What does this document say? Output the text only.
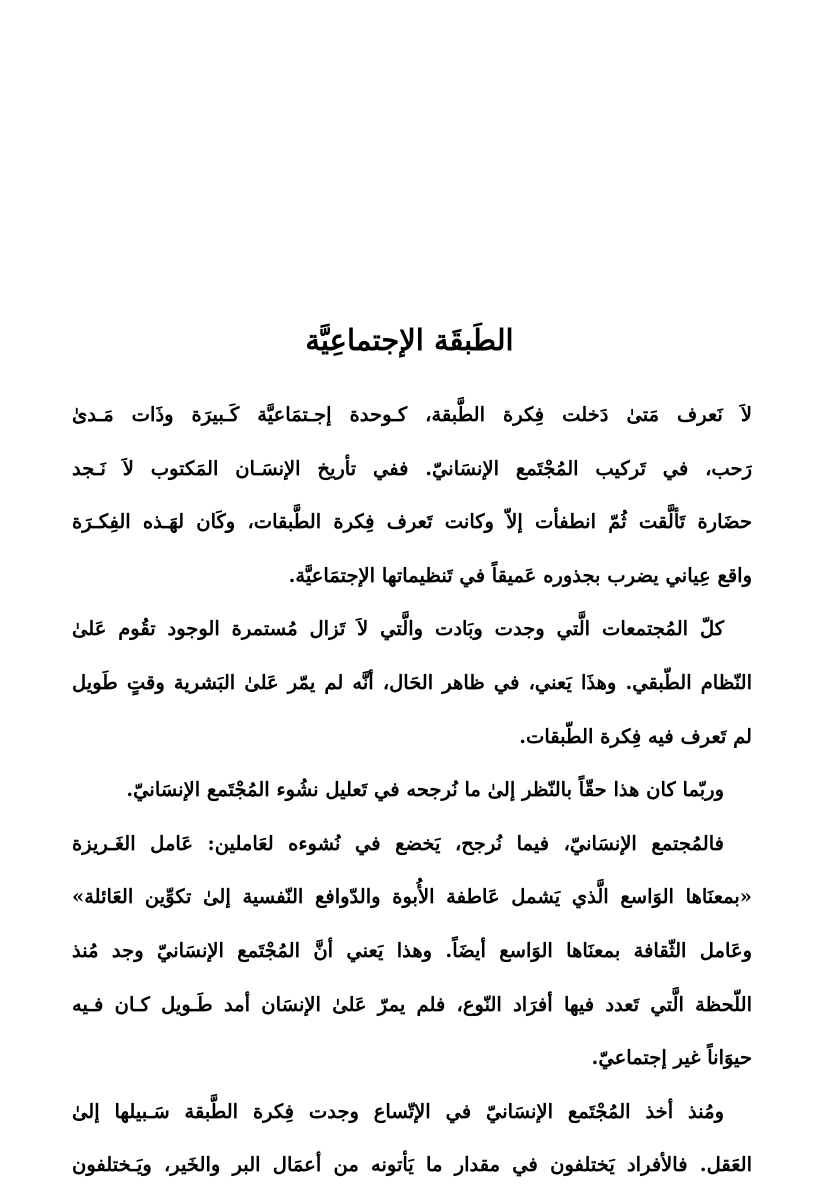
الطَبقَة الإجتماعِيَّة
لاَ نَعرف مَتىٰ دَخلت فِكرة الطَّبقة، كـوحدة إجـتمَاعيَّة كَـبيرَة وذَات مَـدىٰ
رَحب، في تَركيب المُجْتَمع الإنسَانيّ. ففي تأريخ الإنسَـان المَكتوب لاَ نَـجد
حضَارة تَألَّقت ثُمّ انطفأت إلاّ وكانت تَعرف فِكرة الطَّبقات، وكَان لهَـذه الفِكـرَة
واقع عِياني يضرب بجذوره عَميقاً في تَنظيماتها الإجتمَاعيَّة.
كلّ المُجتمعات الَّتي وجدت وبَادت والَّتي لاَ تَزال مُستمرة الوجود تقُوم عَلىٰ
النّظام الطّبقي. وهذَا يَعني، في ظاهر الحَال، أنَّه لم يمّر عَلىٰ البَشرية وقتٍ طَويل
لم تَعرف فيه فِكرة الطّبقات.
وربّما كان هذا حقّاً بالنّظر إلىٰ ما نُرجحه في تَعليل نشُوء المُجْتَمع الإنسَانيّ.
فالمُجتمع الإنسَانيّ، فيما نُرجح، يَخضع في نُشوءه لعَاملين: عَامل الغَـريزة
«بمعنَاها الوَاسع الَّذي يَشمل عَاطفة الأُبوة والدّوافع النّفسية إلىٰ تكوِّين العَائلة»
وعَامل الثّقافة بمعنَاها الوَاسع أيضَاً. وهذا يَعني أنَّ المُجْتَمع الإنسَانيّ وجد مُنذ
اللّحظة الَّتي تَعدد فيها أفرَاد النّوع، فلم يمرّ عَلىٰ الإنسَان أمد طَـويل كـان فـيه
حيوَاناً غير إجتماعيّ.
ومُنذ أخذ المُجْتَمع الإنسَانيّ في الإتّساع وجدت فِكرة الطَّبقة سَـبيلها إلىٰ
العَقل. فالأفراد يَختلفون في مقدار ما يَأتونه من أعمَال البر والخَير، ويَـختلفون
